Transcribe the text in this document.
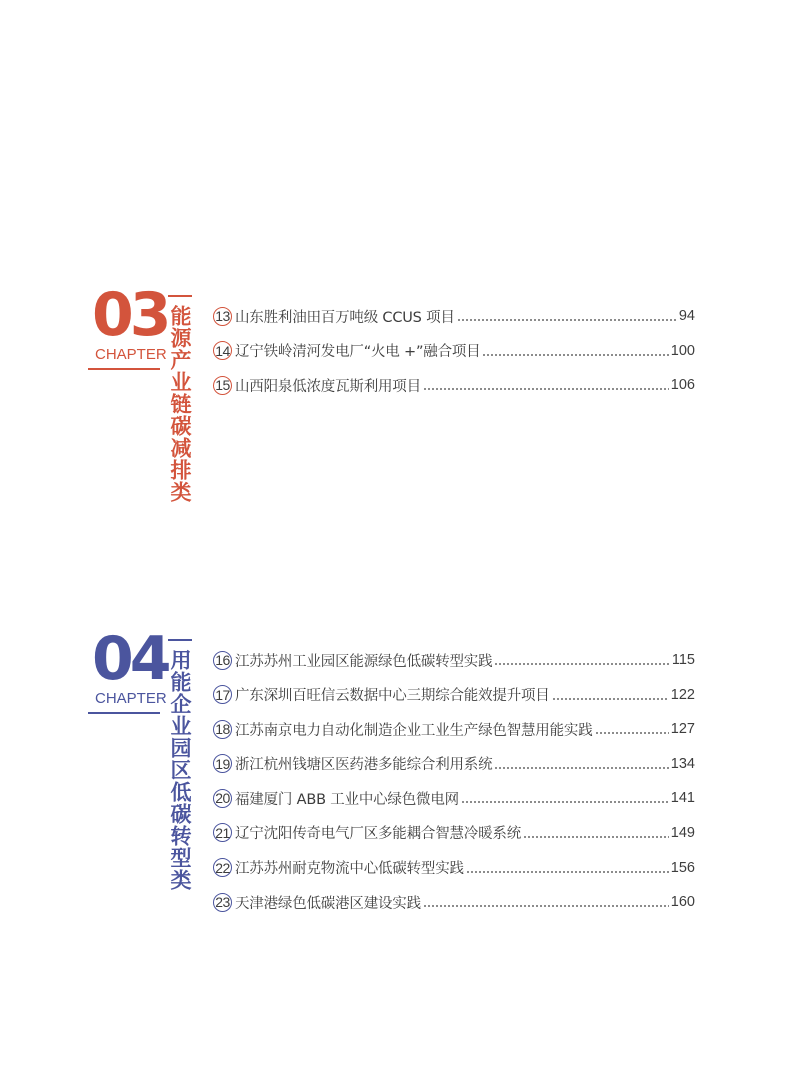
03
CHAPTER 能源产业链碳减排类 13 山东胜利油田百万吨级 CCUS 项目	94
14 辽宁铁岭清河发电厂“火电 +”融合项目	100
15 山西阳泉低浓度瓦斯利用项目	106
04
CHAPTER 用能企业园区低碳转型类 16 江苏苏州工业园区能源绿色低碳转型实践	115
17 广东深圳百旺信云数据中心三期综合能效提升项目	122
18 江苏南京电力自动化制造企业工业生产绿色智慧用能实践	127
19 浙江杭州钱塘区医药港多能综合利用系统	134
20 福建厦门 ABB 工业中心绿色微电网	141
21 辽宁沈阳传奇电气厂区多能耦合智慧冷暖系统	149
22 江苏苏州耐克物流中心低碳转型实践	156
23 天津港绿色低碳港区建设实践	160
